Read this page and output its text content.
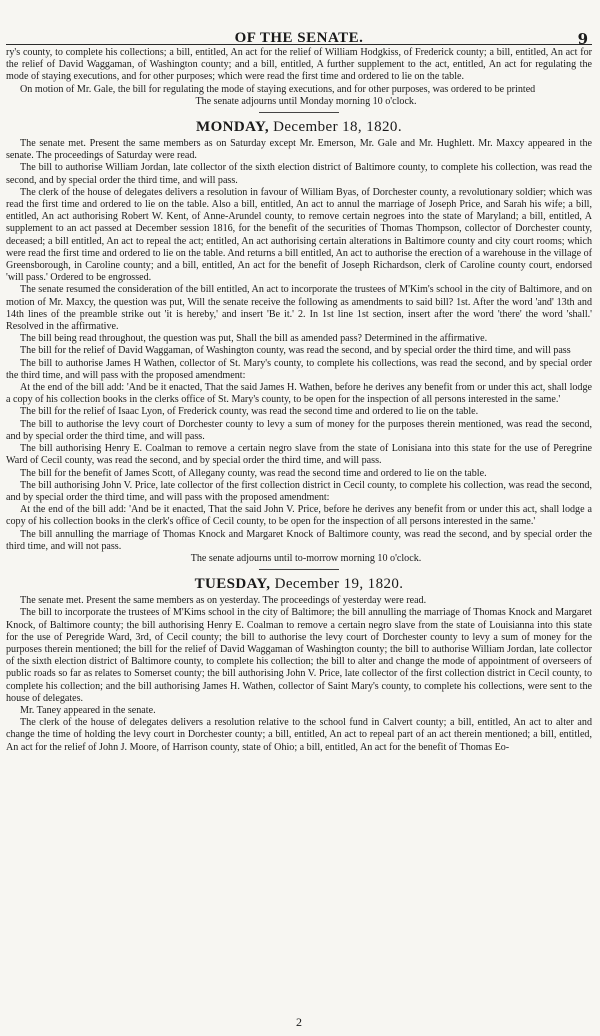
OF THE SENATE.	9

ry's county, to complete his collections; a bill, entitled, An act for the relief of William Hodgkiss, of Frederick county; a bill, entitled, An act for the relief of David Waggaman, of Washington county; and a bill, entitled, A further supplement to the act, entitled, An act for regulating the mode of staying executions, and for other purposes; which were read the first time and ordered to lie on the table.

On motion of Mr. Gale, the bill for regulating the mode of staying executions, and for other purposes, was ordered to be printed

The senate adjourns until Monday morning 10 o'clock.

MONDAY, December 18, 1820.

The senate met. Present the same members as on Saturday except Mr. Emerson, Mr. Gale and Mr. Hughlett. Mr. Maxcy appeared in the senate. The proceedings of Saturday were read.

The bill to authorise William Jordan, late collector of the sixth election district of Baltimore county, to complete his collection, was read the second, and by special order the third time, and will pass.

The clerk of the house of delegates delivers a resolution in favour of William Byas, of Dorchester county, a revolutionary soldier; which was read the first time and ordered to lie on the table. Also a bill, entitled, An act to annul the marriage of Joseph Price, and Sarah his wife; a bill, entitled, An act authorising Robert W. Kent, of Anne-Arundel county, to remove certain negroes into the state of Maryland; a bill, entitled, A supplement to an act passed at December session 1816, for the benefit of the securities of Thomas Thompson, collector of Dorchester county, deceased; a bill entitled, An act to repeal the act; entitled, An act authorising certain alterations in Baltimore county and city court rooms; which were read the first time and ordered to lie on the table. And returns a bill entitled, An act to authorise the erection of a warehouse in the village of Greensborough, in Caroline county; and a bill, entitled, An act for the benefit of Joseph Richardson, clerk of Caroline county court, endorsed 'will pass.' Ordered to be engrossed.

The senate resumed the consideration of the bill entitled, An act to incorporate the trustees of M'Kim's school in the city of Baltimore, and on motion of Mr. Maxcy, the question was put, Will the senate receive the following as amendments to said bill? 1st. After the word 'and' 13th and 14th lines of the preamble strike out 'it is hereby,' and insert 'Be it.' 2. In 1st line 1st section, insert after the word 'there' the word 'shall.' Resolved in the affirmative.

The bill being read throughout, the question was put, Shall the bill as amended pass? Determined in the affirmative.

The bill for the relief of David Waggaman, of Washington county, was read the second, and by special order the third time, and will pass

The bill to authorise James H Wathen, collector of St. Mary's county, to complete his collections, was read the second, and by special order the third time, and will pass with the proposed amendment:

At the end of the bill add: 'And be it enacted, That the said James H. Wathen, before he derives any benefit from or under this act, shall lodge a copy of his collection books in the clerks office of St. Mary's county, to be open for the inspection of all persons interested in the same.'

The bill for the relief of Isaac Lyon, of Frederick county, was read the second time and ordered to lie on the table.

The bill to authorise the levy court of Dorchester county to levy a sum of money for the purposes therein mentioned, was read the second, and by special order the third time, and will pass.

The bill authorising Henry E. Coalman to remove a certain negro slave from the state of Lonisiana into this state for the use of Peregrine Ward of Cecil county, was read the second, and by special order the third time, and will pass.

The bill for the benefit of James Scott, of Allegany county, was read the second time and ordered to lie on the table.

The bill authorising John V. Price, late collector of the first collection district in Cecil county, to complete his collection, was read the second, and by special order the third time, and will pass with the proposed amendment:

At the end of the bill add: 'And be it enacted, That the said John V. Price, before he derives any benefit from or under this act, shall lodge a copy of his collection books in the clerk's office of Cecil county, to be open for the inspection of all persons interested in the same.'

The bill annulling the marriage of Thomas Knock and Margaret Knock of Baltimore county, was read the second, and by special order the third time, and will not pass.

The senate adjourns until to-morrow morning 10 o'clock.

TUESDAY, December 19, 1820.

The senate met. Present the same members as on yesterday. The proceedings of yesterday were read.

The bill to incorporate the trustees of M'Kims school in the city of Baltimore; the bill annulling the marriage of Thomas Knock and Margaret Knock, of Baltimore county; the bill authorising Henry E. Coalman to remove a certain negro slave from the state of Louisianna into this state for the use of Peregride Ward, 3rd, of Cecil county; the bill to authorise the levy court of Dorchester county to levy a sum of money for the purposes therein mentioned; the bill for the relief of David Waggaman of Washington county; the bill to authorise William Jordan, late collector of the sixth election district of Baltimore county, to complete his collection; the bill to alter and change the mode of appointment of overseers of public roads so far as relates to Somerset county; the bill authorising John V. Price, late collector of the first collection district in Cecil county, to complete his collection; and the bill authorising James H. Wathen, collector of Saint Mary's county, to complete his collections, were sent to the house of delegates.

Mr. Taney appeared in the senate.

The clerk of the house of delegates delivers a resolution relative to the school fund in Calvert county; a bill, entitled, An act to alter and change the time of holding the levy court in Dorchester county; a bill, entitled, An act to repeal part of an act therein mentioned; a bill, entitled, An act for the relief of John J. Moore, of Harrison county, state of Ohio; a bill, entitled, An act for the benefit of Thomas Eo-

2
